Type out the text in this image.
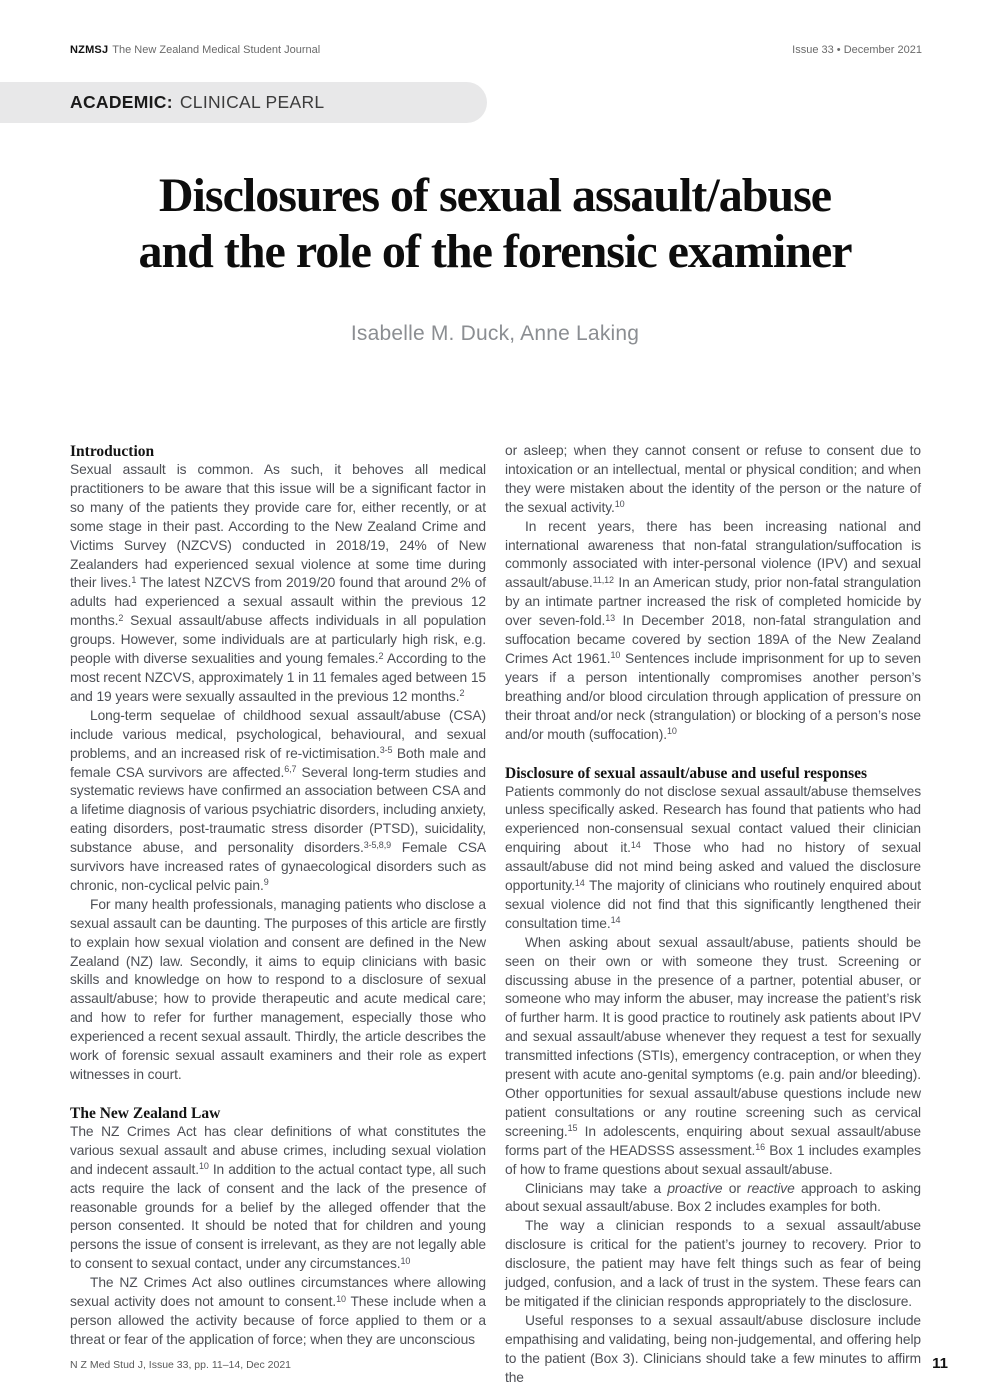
NZMSJ The New Zealand Medical Student Journal	Issue 33 • December 2021
ACADEMIC: CLINICAL PEARL
Disclosures of sexual assault/abuse
and the role of the forensic examiner
Isabelle M. Duck, Anne Laking
Introduction

Sexual assault is common. As such, it behoves all medical practitioners to be aware that this issue will be a significant factor in so many of the patients they provide care for, either recently, or at some stage in their past. According to the New Zealand Crime and Victims Survey (NZCVS) conducted in 2018/19, 24% of New Zealanders had experienced sexual violence at some time during their lives.$^1$ The latest NZCVS from 2019/20 found that around 2% of adults had experienced a sexual assault within the previous 12 months.$^2$ Sexual assault/abuse affects individuals in all population groups. However, some individuals are at particularly high risk, e.g. people with diverse sexualities and young females.$^2$ According to the most recent NZCVS, approximately 1 in 11 females aged between 15 and 19 years were sexually assaulted in the previous 12 months.$^2$

Long-term sequelae of childhood sexual assault/abuse (CSA) include various medical, psychological, behavioural, and sexual problems, and an increased risk of re-victimisation.$^{3-5}$ Both male and female CSA survivors are affected.$^{6,7}$ Several long-term studies and systematic reviews have confirmed an association between CSA and a lifetime diagnosis of various psychiatric disorders, including anxiety, eating disorders, post-traumatic stress disorder (PTSD), suicidality, substance abuse, and personality disorders.$^{3-5,8,9}$ Female CSA survivors have increased rates of gynaecological disorders such as chronic, non-cyclical pelvic pain.$^9$

For many health professionals, managing patients who disclose a sexual assault can be daunting. The purposes of this article are firstly to explain how sexual violation and consent are defined in the New Zealand (NZ) law. Secondly, it aims to equip clinicians with basic skills and knowledge on how to respond to a disclosure of sexual assault/abuse; how to provide therapeutic and acute medical care; and how to refer for further management, especially those who experienced a recent sexual assault. Thirdly, the article describes the work of forensic sexual assault examiners and their role as expert witnesses in court.

The New Zealand Law

The NZ Crimes Act has clear definitions of what constitutes the various sexual assault and abuse crimes, including sexual violation and indecent assault.$^{10}$ In addition to the actual contact type, all such acts require the lack of consent and the lack of the presence of reasonable grounds for a belief by the alleged offender that the person consented. It should be noted that for children and young persons the issue of consent is irrelevant, as they are not legally able to consent to sexual contact, under any circumstances.$^{10}$

The NZ Crimes Act also outlines circumstances where allowing sexual activity does not amount to consent.$^{10}$ These include when a person allowed the activity because of force applied to them or a threat or fear of the application of force; when they are unconscious

or asleep; when they cannot consent or refuse to consent due to intoxication or an intellectual, mental or physical condition; and when they were mistaken about the identity of the person or the nature of the sexual activity.$^{10}$

In recent years, there has been increasing national and international awareness that non-fatal strangulation/suffocation is commonly associated with inter-personal violence (IPV) and sexual assault/abuse.$^{11,12}$ In an American study, prior non-fatal strangulation by an intimate partner increased the risk of completed homicide by over seven-fold.$^{13}$ In December 2018, non-fatal strangulation and suffocation became covered by section 189A of the New Zealand Crimes Act 1961.10 Sentences include imprisonment for up to seven years if a person intentionally compromises another person’s breathing and/or blood circulation through application of pressure on their throat and/or neck (strangulation) or blocking of a person’s nose and/or mouth (suffocation).$^{10}$

Disclosure of sexual assault/abuse and useful responses

Patients commonly do not disclose sexual assault/abuse themselves unless specifically asked. Research has found that patients who had experienced non-consensual sexual contact valued their clinician enquiring about it.$^{14}$ Those who had no history of sexual assault/abuse did not mind being asked and valued the disclosure opportunity.$^{14}$ The majority of clinicians who routinely enquired about sexual violence did not find that this significantly lengthened their consultation time.$^{14}$

When asking about sexual assault/abuse, patients should be seen on their own or with someone they trust. Screening or discussing abuse in the presence of a partner, potential abuser, or someone who may inform the abuser, may increase the patient’s risk of further harm. It is good practice to routinely ask patients about IPV and sexual assault/abuse whenever they request a test for sexually transmitted infections (STIs), emergency contraception, or when they present with acute ano-genital symptoms (e.g. pain and/or bleeding). Other opportunities for sexual assault/abuse questions include new patient consultations or any routine screening such as cervical screening.$^{15}$ In adolescents, enquiring about sexual assault/abuse forms part of the HEADSSS assessment.$^{16}$ Box 1 includes examples of how to frame questions about sexual assault/abuse.

Clinicians may take a proactive or reactive approach to asking about sexual assault/abuse. Box 2 includes examples for both.

The way a clinician responds to a sexual assault/abuse disclosure is critical for the patient’s journey to recovery. Prior to disclosure, the patient may have felt things such as fear of being judged, confusion, and a lack of trust in the system. These fears can be mitigated if the clinician responds appropriately to the disclosure.

Useful responses to a sexual assault/abuse disclosure include empathising and validating, being non-judgemental, and offering help to the patient (Box 3). Clinicians should take a few minutes to affirm the

N Z Med Stud J, Issue 33, pp. 11–14, Dec 2021	11
